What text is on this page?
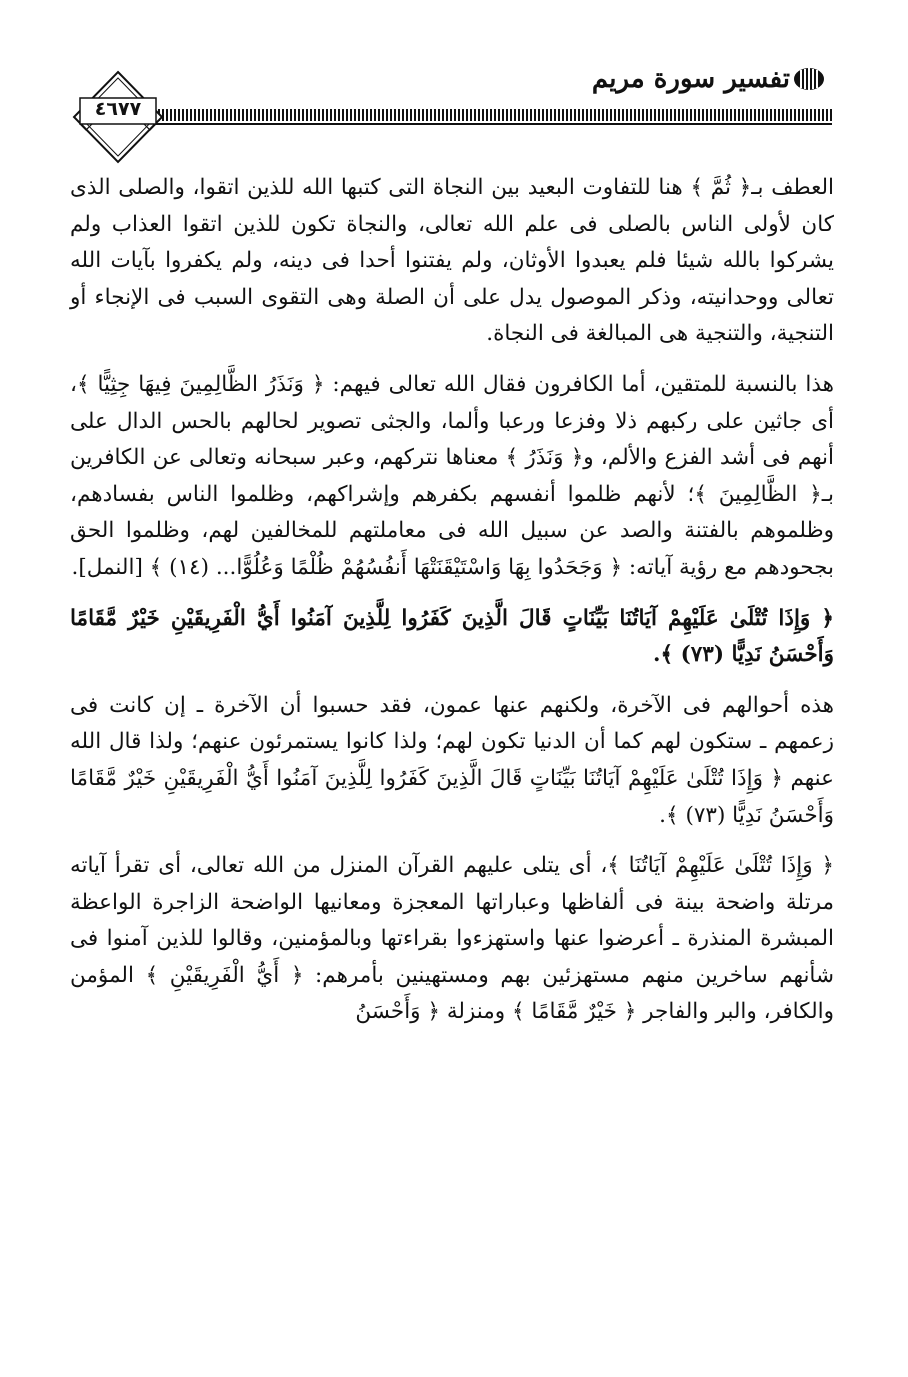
تفسير سورة مريم
٤٦٧٧

العطف بـ﴿ ثُمَّ ﴾ هنا للتفاوت البعيد بين النجاة التى كتبها الله للذين اتقوا، والصلى الذى كان لأولى الناس بالصلى فى علم الله تعالى، والنجاة تكون للذين اتقوا العذاب ولم يشركوا بالله شيئا فلم يعبدوا الأوثان، ولم يفتنوا أحدا فى دينه، ولم يكفروا بآيات الله تعالى ووحدانيته، وذكر الموصول يدل على أن الصلة وهى التقوى السبب فى الإنجاء أو التنجية، والتنجية هى المبالغة فى النجاة.

هذا بالنسبة للمتقين، أما الكافرون فقال الله تعالى فيهم: ﴿ وَنَذَرُ الظَّالِمِينَ فِيهَا جِثِيًّا ﴾، أى جاثين على ركبهم ذلا وفزعا ورعبا وألما، والجثى تصوير لحالهم بالحس الدال على أنهم فى أشد الفزع والألم، و﴿ وَنَذَرُ ﴾ معناها نتركهم، وعبر سبحانه وتعالى عن الكافرين بـ﴿ الظَّالِمِينَ ﴾؛ لأنهم ظلموا أنفسهم بكفرهم وإشراكهم، وظلموا الناس بفسادهم، وظلموهم بالفتنة والصد عن سبيل الله فى معاملتهم للمخالفين لهم، وظلموا الحق بجحودهم مع رؤية آياته: ﴿ وَجَحَدُوا بِهَا وَاسْتَيْقَنَتْهَا أَنفُسُهُمْ ظُلْمًا وَعُلُوًّا... (١٤) ﴾ [النمل].

﴿ وَإِذَا تُتْلَىٰ عَلَيْهِمْ آيَاتُنَا بَيِّنَاتٍ قَالَ الَّذِينَ كَفَرُوا لِلَّذِينَ آمَنُوا أَيُّ الْفَرِيقَيْنِ خَيْرٌ مَّقَامًا وَأَحْسَنُ نَدِيًّا (٧٣) ﴾.

هذه أحوالهم فى الآخرة، ولكنهم عنها عمون، فقد حسبوا أن الآخرة ـ إن كانت فى زعمهم ـ ستكون لهم كما أن الدنيا تكون لهم؛ ولذا كانوا يستمرئون عنهم؛ ولذا قال الله عنهم ﴿ وَإِذَا تُتْلَىٰ عَلَيْهِمْ آيَاتُنَا بَيِّنَاتٍ قَالَ الَّذِينَ كَفَرُوا لِلَّذِينَ آمَنُوا أَيُّ الْفَرِيقَيْنِ خَيْرٌ مَّقَامًا وَأَحْسَنُ نَدِيًّا (٧٣) ﴾.

﴿ وَإِذَا تُتْلَىٰ عَلَيْهِمْ آيَاتُنَا ﴾، أى يتلى عليهم القرآن المنزل من الله تعالى، أى تقرأ آياته مرتلة واضحة بينة فى ألفاظها وعباراتها المعجزة ومعانيها الواضحة الزاجرة الواعظة المبشرة المنذرة ـ أعرضوا عنها واستهزءوا بقراءتها وبالمؤمنين، وقالوا للذين آمنوا فى شأنهم ساخرين منهم مستهزئين بهم ومستهينين بأمرهم: ﴿ أَيُّ الْفَرِيقَيْنِ ﴾ المؤمن والكافر، والبر والفاجر ﴿ خَيْرٌ مَّقَامًا ﴾ ومنزلة ﴿ وَأَحْسَنُ
